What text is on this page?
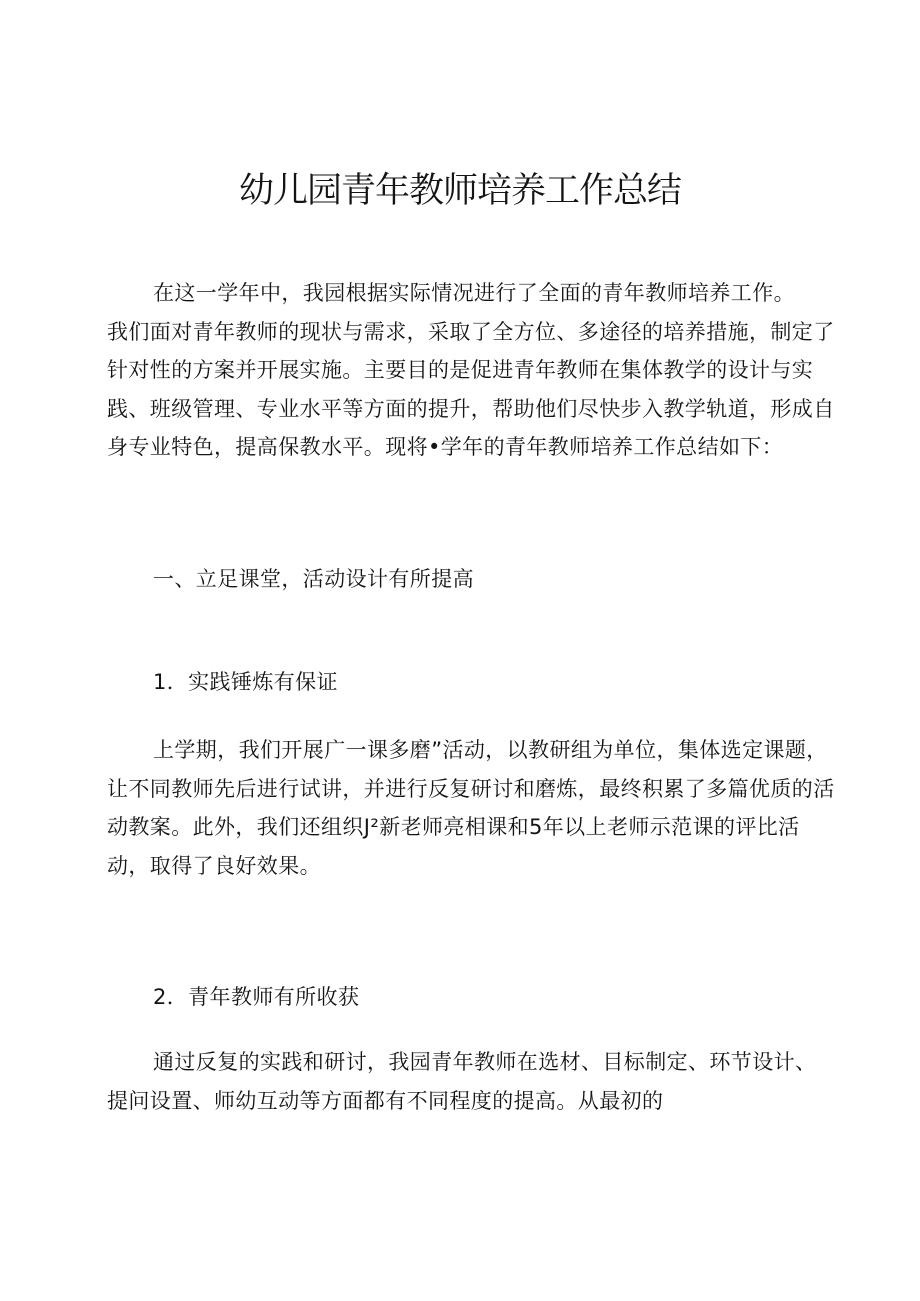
幼儿园青年教师培养工作总结
在这一学年中，我园根据实际情况进行了全面的青年教师培养工作。
我们面对青年教师的现状与需求，采取了全方位、多途径的培养措施，制定了
针对性的方案并开展实施。主要目的是促进青年教师在集体教学的设计与实
践、班级管理、专业水平等方面的提升，帮助他们尽快步入教学轨道，形成自
身专业特色，提高保教水平。现将•学年的青年教师培养工作总结如下：

一、立足课堂，活动设计有所提高

1．实践锤炼有保证

上学期，我们开展广一课多磨”活动，以教研组为单位，集体选定课题，
让不同教师先后进行试讲，并进行反复研讨和磨炼，最终积累了多篇优质的活
动教案。此外，我们还组织J²新老师亮相课和5年以上老师示范课的评比活
动，取得了良好效果。

2．青年教师有所收获

通过反复的实践和研讨，我园青年教师在选材、目标制定、环节设计、
提问设置、师幼互动等方面都有不同程度的提高。从最初的
